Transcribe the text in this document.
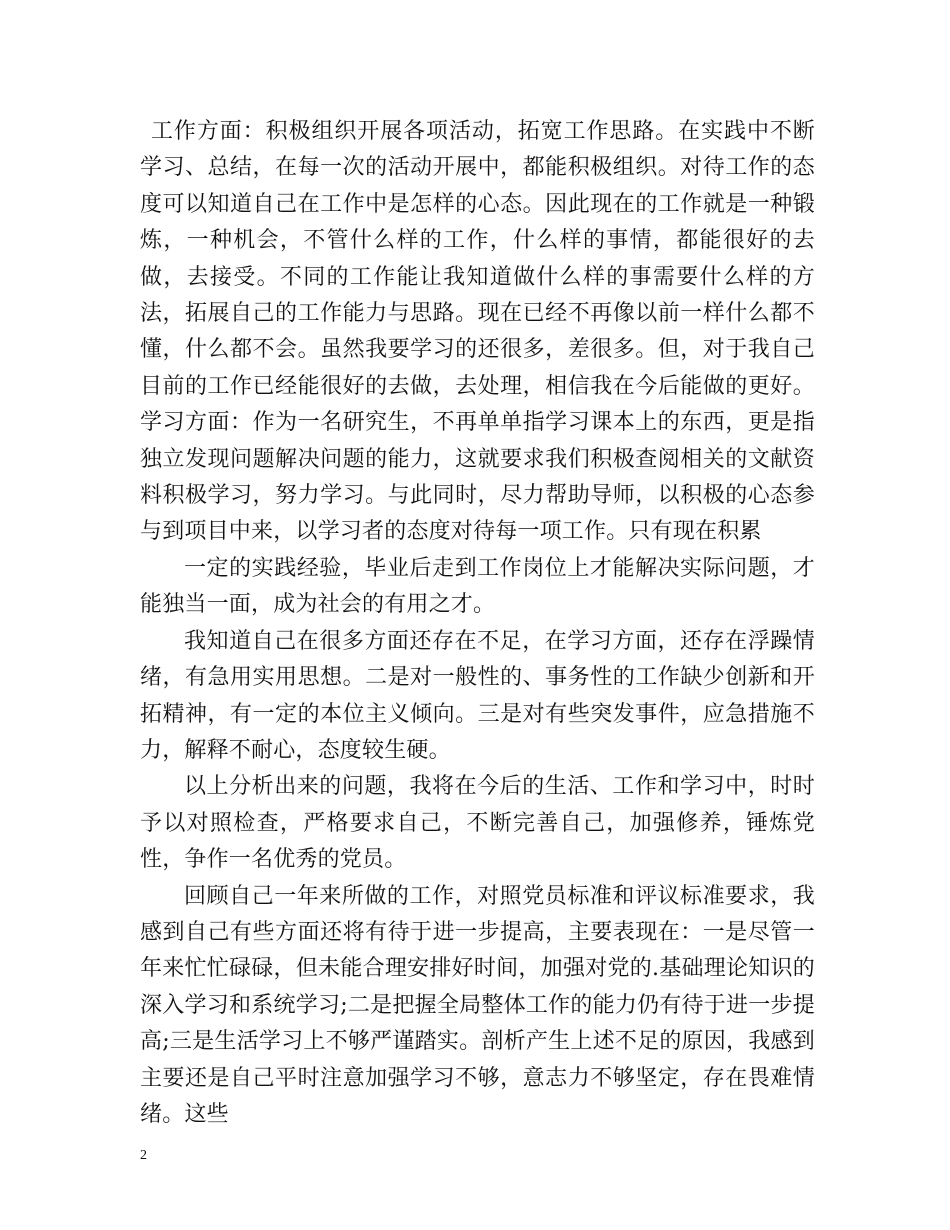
工作方面：积极组织开展各项活动，拓宽工作思路。在实践中不断学习、总结，在每一次的活动开展中，都能积极组织。对待工作的态度可以知道自己在工作中是怎样的心态。因此现在的工作就是一种锻炼，一种机会，不管什么样的工作，什么样的事情，都能很好的去做，去接受。不同的工作能让我知道做什么样的事需要什么样的方法，拓展自己的工作能力与思路。现在已经不再像以前一样什么都不懂，什么都不会。虽然我要学习的还很多，差很多。但，对于我自己目前的工作已经能很好的去做，去处理，相信我在今后能做的更好。 学习方面：作为一名研究生，不再单单指学习课本上的东西，更是指独立发现问题解决问题的能力，这就要求我们积极查阅相关的文献资料积极学习，努力学习。与此同时，尽力帮助导师，以积极的心态参与到项目中来，以学习者的态度对待每一项工作。只有现在积累

一定的实践经验，毕业后走到工作岗位上才能解决实际问题，才能独当一面，成为社会的有用之才。

我知道自己在很多方面还存在不足，在学习方面，还存在浮躁情绪，有急用实用思想。二是对一般性的、事务性的工作缺少创新和开拓精神，有一定的本位主义倾向。三是对有些突发事件，应急措施不力，解释不耐心，态度较生硬。

以上分析出来的问题，我将在今后的生活、工作和学习中，时时予以对照检查，严格要求自己，不断完善自己，加强修养，锤炼党性，争作一名优秀的党员。

回顾自己一年来所做的工作，对照党员标准和评议标准要求，我感到自己有些方面还将有待于进一步提高，主要表现在：一是尽管一年来忙忙碌碌，但未能合理安排好时间，加强对党的.基础理论知识的深入学习和系统学习;二是把握全局整体工作的能力仍有待于进一步提高;三是生活学习上不够严谨踏实。剖析产生上述不足的原因，我感到主要还是自己平时注意加强学习不够，意志力不够坚定，存在畏难情绪。这些

2
